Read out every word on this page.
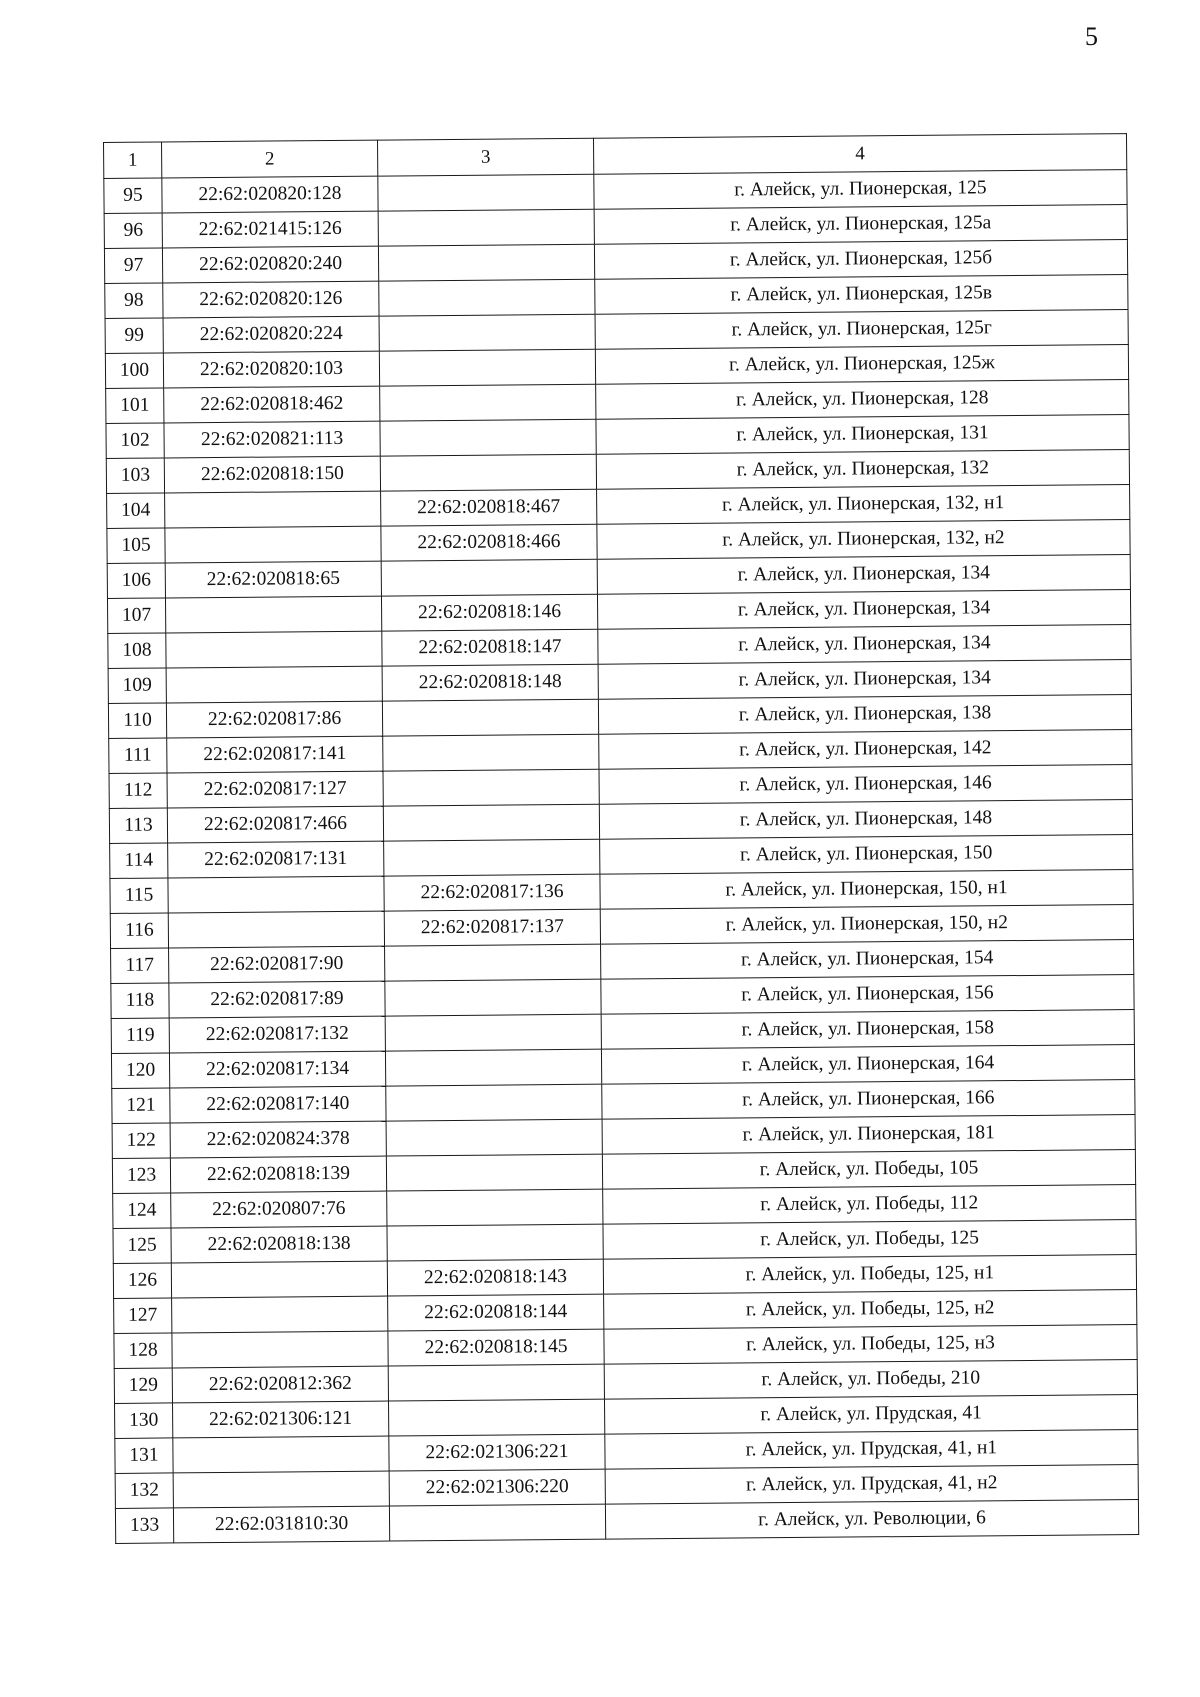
5
1	2	3	4
95	22:62:020820:128		г. Алейск, ул. Пионерская, 125
96	22:62:021415:126		г. Алейск, ул. Пионерская, 125а
97	22:62:020820:240		г. Алейск, ул. Пионерская, 125б
98	22:62:020820:126		г. Алейск, ул. Пионерская, 125в
99	22:62:020820:224		г. Алейск, ул. Пионерская, 125г
100	22:62:020820:103		г. Алейск, ул. Пионерская, 125ж
101	22:62:020818:462		г. Алейск, ул. Пионерская, 128
102	22:62:020821:113		г. Алейск, ул. Пионерская, 131
103	22:62:020818:150		г. Алейск, ул. Пионерская, 132
104		22:62:020818:467	г. Алейск, ул. Пионерская, 132, н1
105		22:62:020818:466	г. Алейск, ул. Пионерская, 132, н2
106	22:62:020818:65		г. Алейск, ул. Пионерская, 134
107		22:62:020818:146	г. Алейск, ул. Пионерская, 134
108		22:62:020818:147	г. Алейск, ул. Пионерская, 134
109		22:62:020818:148	г. Алейск, ул. Пионерская, 134
110	22:62:020817:86		г. Алейск, ул. Пионерская, 138
111	22:62:020817:141		г. Алейск, ул. Пионерская, 142
112	22:62:020817:127		г. Алейск, ул. Пионерская, 146
113	22:62:020817:466		г. Алейск, ул. Пионерская, 148
114	22:62:020817:131		г. Алейск, ул. Пионерская, 150
115		22:62:020817:136	г. Алейск, ул. Пионерская, 150, н1
116		22:62:020817:137	г. Алейск, ул. Пионерская, 150, н2
117	22:62:020817:90		г. Алейск, ул. Пионерская, 154
118	22:62:020817:89		г. Алейск, ул. Пионерская, 156
119	22:62:020817:132		г. Алейск, ул. Пионерская, 158
120	22:62:020817:134		г. Алейск, ул. Пионерская, 164
121	22:62:020817:140		г. Алейск, ул. Пионерская, 166
122	22:62:020824:378		г. Алейск, ул. Пионерская, 181
123	22:62:020818:139		г. Алейск, ул. Победы, 105
124	22:62:020807:76		г. Алейск, ул. Победы, 112
125	22:62:020818:138		г. Алейск, ул. Победы, 125
126		22:62:020818:143	г. Алейск, ул. Победы, 125, н1
127		22:62:020818:144	г. Алейск, ул. Победы, 125, н2
128		22:62:020818:145	г. Алейск, ул. Победы, 125, н3
129	22:62:020812:362		г. Алейск, ул. Победы, 210
130	22:62:021306:121		г. Алейск, ул. Прудская, 41
131		22:62:021306:221	г. Алейск, ул. Прудская, 41, н1
132		22:62:021306:220	г. Алейск, ул. Прудская, 41, н2
133	22:62:031810:30		г. Алейск, ул. Революции, 6
